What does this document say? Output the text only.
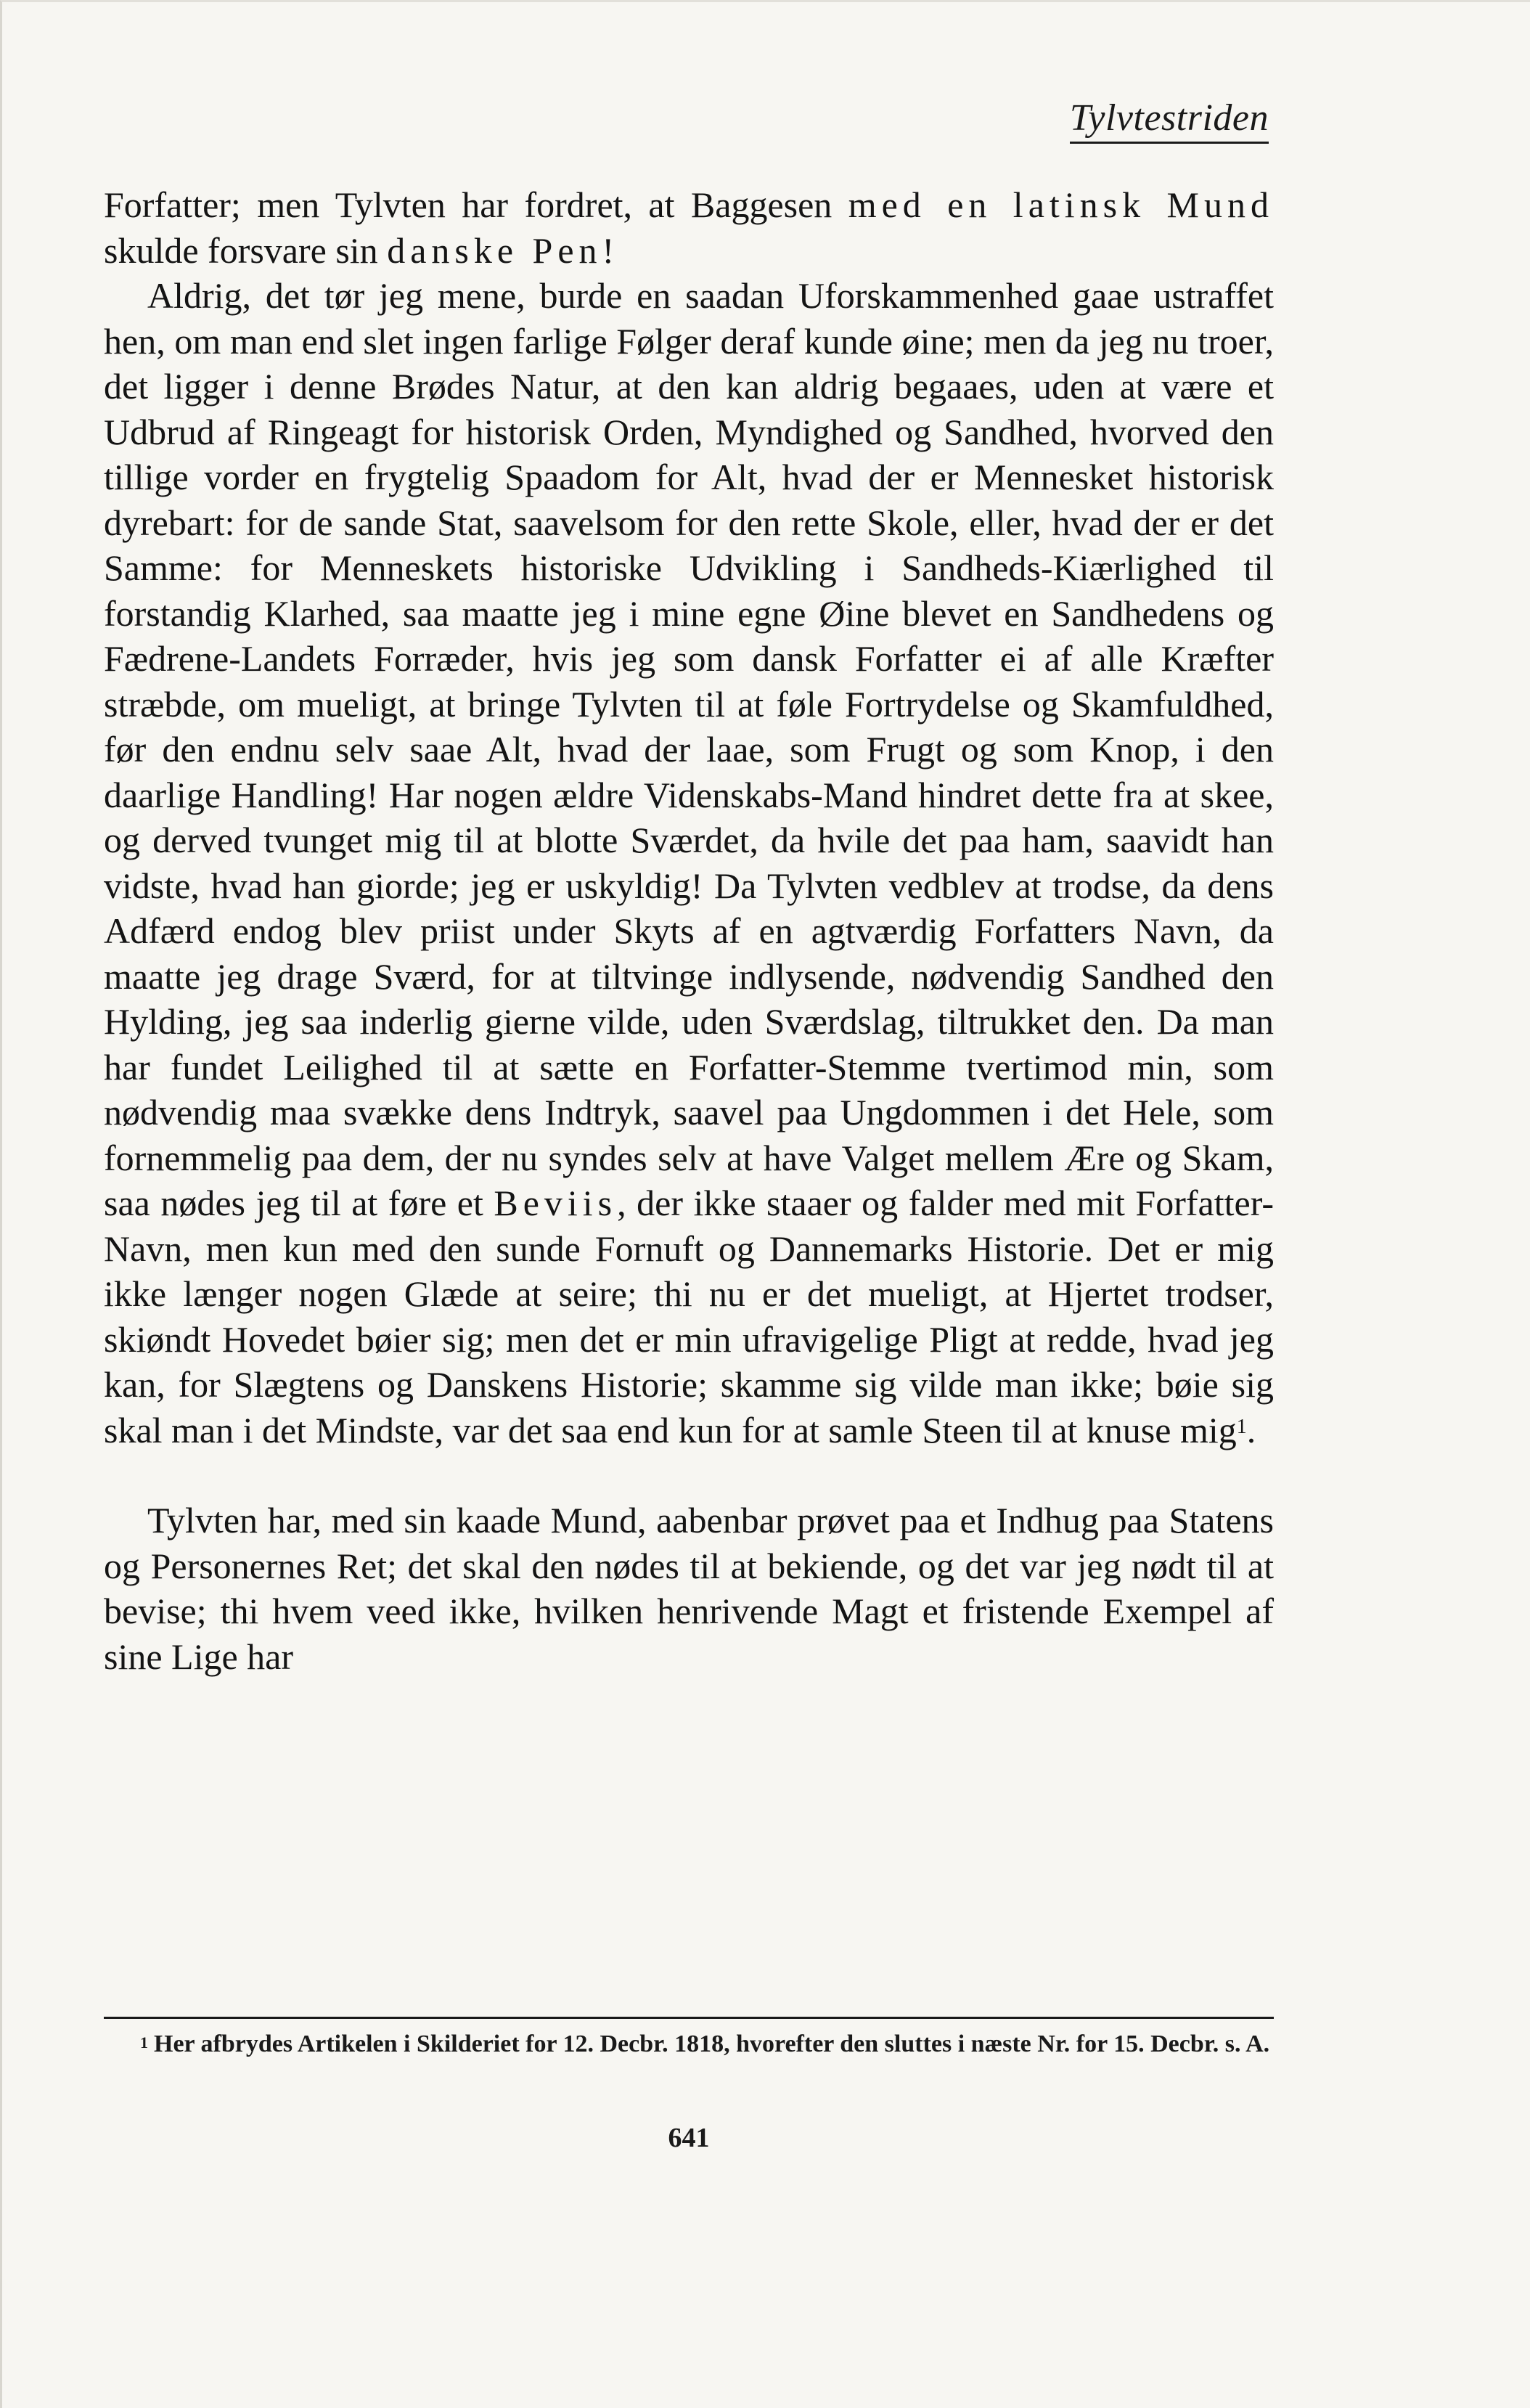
Tylvtestriden

Forfatter; men Tylvten har fordret, at Baggesen med en latinsk Mund skulde forsvare sin danske Pen!

Aldrig, det tør jeg mene, burde en saadan Uforskammenhed gaae ustraffet hen, om man end slet ingen farlige Følger deraf kunde øine; men da jeg nu troer, det ligger i denne Brødes Natur, at den kan aldrig begaaes, uden at være et Udbrud af Ringeagt for historisk Orden, Myndighed og Sandhed, hvorved den tillige vorder en frygtelig Spaadom for Alt, hvad der er Mennesket historisk dyrebart: for de sande Stat, saavelsom for den rette Skole, eller, hvad der er det Samme: for Menneskets historiske Udvikling i Sandheds-Kiærlighed til forstandig Klarhed, saa maatte jeg i mine egne Øine blevet en Sandhedens og Fædrene-Landets Forræder, hvis jeg som dansk Forfatter ei af alle Kræfter stræbde, om mueligt, at bringe Tylvten til at føle Fortrydelse og Skamfuldhed, før den endnu selv saae Alt, hvad der laae, som Frugt og som Knop, i den daarlige Handling! Har nogen ældre Videnskabs-Mand hindret dette fra at skee, og derved tvunget mig til at blotte Sværdet, da hvile det paa ham, saavidt han vidste, hvad han giorde; jeg er uskyldig! Da Tylvten vedblev at trodse, da dens Adfærd endog blev priist under Skyts af en agtværdig Forfatters Navn, da maatte jeg drage Sværd, for at tiltvinge indlysende, nødvendig Sandhed den Hylding, jeg saa inderlig gierne vilde, uden Sværdslag, tiltrukket den. Da man har fundet Leilighed til at sætte en Forfatter-Stemme tvertimod min, som nødvendig maa svække dens Indtryk, saavel paa Ungdommen i det Hele, som fornemmelig paa dem, der nu syndes selv at have Valget mellem Ære og Skam, saa nødes jeg til at føre et Beviis, der ikke staaer og falder med mit Forfatter-Navn, men kun med den sunde Fornuft og Dannemarks Historie. Det er mig ikke længer nogen Glæde at seire; thi nu er det mueligt, at Hjertet trodser, skiøndt Hovedet bøier sig; men det er min ufravigelige Pligt at redde, hvad jeg kan, for Slægtens og Danskens Historie; skamme sig vilde man ikke; bøie sig skal man i det Mindste, var det saa end kun for at samle Steen til at knuse mig$^1$.

Tylvten har, med sin kaade Mund, aabenbar prøvet paa et Indhug paa Statens og Personernes Ret; det skal den nødes til at bekiende, og det var jeg nødt til at bevise; thi hvem veed ikke, hvilken henrivende Magt et fristende Exempel af sine Lige har

$^1$ Her afbrydes Artikelen i Skilderiet for 12. Decbr. 1818, hvorefter den sluttes i næste Nr. for 15. Decbr. s. A.
641
